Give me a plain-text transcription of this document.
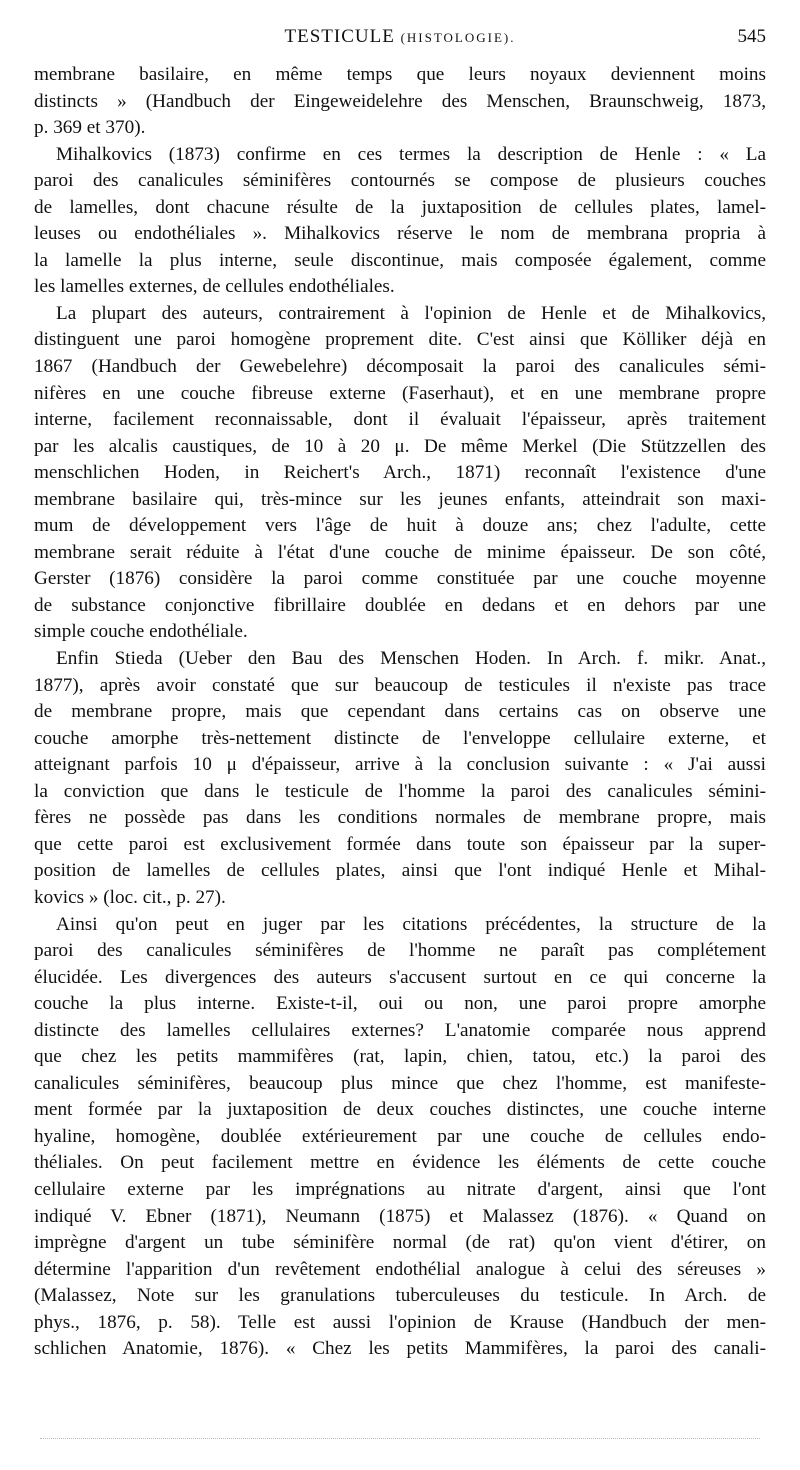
TESTICULE (HISTOLOGIE).	545
membrane basilaire, en même temps que leurs noyaux deviennent moins
distincts » (Handbuch der Eingeweidelehre des Menschen, Braunschweig, 1873,
p. 369 et 370).
Mihalkovics (1873) confirme en ces termes la description de Henle : « La
paroi des canalicules séminifères contournés se compose de plusieurs couches
de lamelles, dont chacune résulte de la juxtaposition de cellules plates, lamel-
leuses ou endothéliales ». Mihalkovics réserve le nom de membrana propria à
la lamelle la plus interne, seule discontinue, mais composée également, comme
les lamelles externes, de cellules endothéliales.
La plupart des auteurs, contrairement à l'opinion de Henle et de Mihalkovics,
distinguent une paroi homogène proprement dite. C'est ainsi que Kölliker déjà en
1867 (Handbuch der Gewebelehre) décomposait la paroi des canalicules sémi-
nifères en une couche fibreuse externe (Faserhaut), et en une membrane propre
interne, facilement reconnaissable, dont il évaluait l'épaisseur, après traitement
par les alcalis caustiques, de 10 à 20 μ. De même Merkel (Die Stützzellen des
menschlichen Hoden, in Reichert's Arch., 1871) reconnaît l'existence d'une
membrane basilaire qui, très-mince sur les jeunes enfants, atteindrait son maxi-
mum de développement vers l'âge de huit à douze ans; chez l'adulte, cette
membrane serait réduite à l'état d'une couche de minime épaisseur. De son côté,
Gerster (1876) considère la paroi comme constituée par une couche moyenne
de substance conjonctive fibrillaire doublée en dedans et en dehors par une
simple couche endothéliale.
Enfin Stieda (Ueber den Bau des Menschen Hoden. In Arch. f. mikr. Anat.,
1877), après avoir constaté que sur beaucoup de testicules il n'existe pas trace
de membrane propre, mais que cependant dans certains cas on observe une
couche amorphe très-nettement distincte de l'enveloppe cellulaire externe, et
atteignant parfois 10 μ d'épaisseur, arrive à la conclusion suivante : « J'ai aussi
la conviction que dans le testicule de l'homme la paroi des canalicules sémini-
fères ne possède pas dans les conditions normales de membrane propre, mais
que cette paroi est exclusivement formée dans toute son épaisseur par la super-
position de lamelles de cellules plates, ainsi que l'ont indiqué Henle et Mihal-
kovics » (loc. cit., p. 27).
Ainsi qu'on peut en juger par les citations précédentes, la structure de la
paroi des canalicules séminifères de l'homme ne paraît pas complétement
élucidée. Les divergences des auteurs s'accusent surtout en ce qui concerne la
couche la plus interne. Existe-t-il, oui ou non, une paroi propre amorphe
distincte des lamelles cellulaires externes? L'anatomie comparée nous apprend
que chez les petits mammifères (rat, lapin, chien, tatou, etc.) la paroi des
canalicules séminifères, beaucoup plus mince que chez l'homme, est manifeste-
ment formée par la juxtaposition de deux couches distinctes, une couche interne
hyaline, homogène, doublée extérieurement par une couche de cellules endo-
théliales. On peut facilement mettre en évidence les éléments de cette couche
cellulaire externe par les imprégnations au nitrate d'argent, ainsi que l'ont
indiqué V. Ebner (1871), Neumann (1875) et Malassez (1876). « Quand on
imprègne d'argent un tube séminifère normal (de rat) qu'on vient d'étirer, on
détermine l'apparition d'un revêtement endothélial analogue à celui des séreuses »
(Malassez, Note sur les granulations tuberculeuses du testicule. In Arch. de
phys., 1876, p. 58). Telle est aussi l'opinion de Krause (Handbuch der men-
schlichen Anatomie, 1876). « Chez les petits Mammifères, la paroi des canali-
